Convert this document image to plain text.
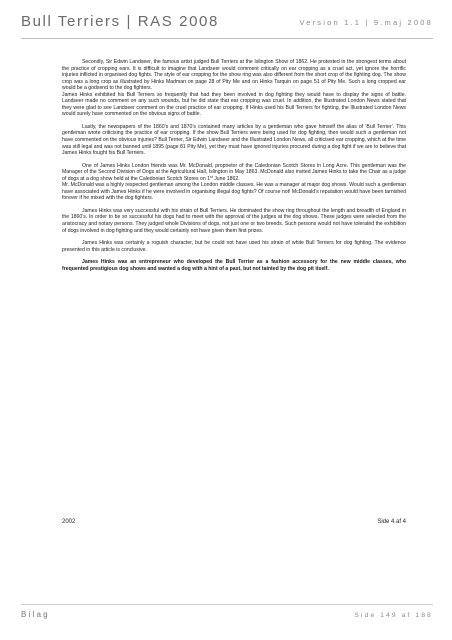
Bull Terriers | RAS 2008	Version 1.1 | 9.maj 2008

Secondly, Sir Edwin Landseer, the famous artist judged Bull Terriers at the Islington Show of 1862. He protested in the strongest terms about the practice of cropping ears. It is difficult to imagine that Landseer would comment critically on ear cropping as a cruel act, yet ignore the horrific injuries inflicted in organised dog fights. The style of ear cropping for the show ring was also different from the short crop of the fighting dog. The show crop was a long crop as illustrated by Hinks Madman on page 28 of Pity Me and on Hinks Tarquin on page 51 of Pity Me. Such a long cropped ear would be a godsend to the dog fighters.

James Hinks exhibited his Bull Terriers so frequently that had they been involved in dog fighting they would have to display the signs of battle. Landseer made no comment on any such wounds, but he did state that ear cropping was cruel. In addition, the Illustrated London News stated that they were glad to see Landseer comment on the cruel practice of ear cropping. If Hinks used his Bull Terriers for fighting, the Illustrated London News would surely have commented on the obvious signs of battle.

Lastly, the newspapers of the 1860’s and 1870’s contained many articles by a gentleman who gave himself the alias of ‘Bull Terrier’. This gentleman wrote criticising the practice of ear cropping. If the show Bull Terriers were being used for dog fighting, then would such a gentleman not have commented on the obvious injuries? Bull Terrier, Sir Edwin Landseer and the Illustrated London News, all criticised ear cropping, which at the time was still legal and was not banned until 1895 (page 81 Pity Me), yet they must have ignored injuries procured during a dog fight if we are to believe that James Hinks fought his Bull Terriers.

One of James Hinks London friends was Mr. McDonald, proprietor of the Caledonian Scotch Stores in Long Acre. This gentleman was the Manager of the Second Division of Dogs at the Agricultural Hall, Islington in May 1863. McDonald also invited James Hinks to take the Chair as a judge of dogs at a dog show held at the Caledonian Scotch Stores on 1st June 1862.

Mr. McDonald was a highly respected gentleman among the London middle classes. He was a manager at major dog shows. Would such a gentleman have associated with James Hinks if he were involved in organising illegal dog fights? Of course not! McDonald’s reputation would have been tarnished forever if he mixed with the dog fighters.

James Hinks was very successful with his strain of Bull Terriers. He dominated the show ring throughout the length and breadth of England in the 1860’s. In order to be so successful his dogs had to meet with the approval of the judges at the dog shows. These judges were selected from the aristocracy and notary persons. They judged whole Divisions of dogs, not just one or two breeds. Such persons would not have tolerated the exhibition of dogs involved in dog fighting and they would certainly not have given them first prizes.

James Hinks was certainly a roguish character, but he could not have used his strain of white Bull Terriers for dog fighting. The evidence presented in this article is conclusive.

James Hinks was an entrepreneur who developed the Bull Terrier as a fashion accessory for the new middle classes, who frequented prestigious dog shows and wanted a dog with a hint of a past, but not tainted by the dog pit itself.

2002	Side 4 af 4
Bilag	Side 149 af 188
